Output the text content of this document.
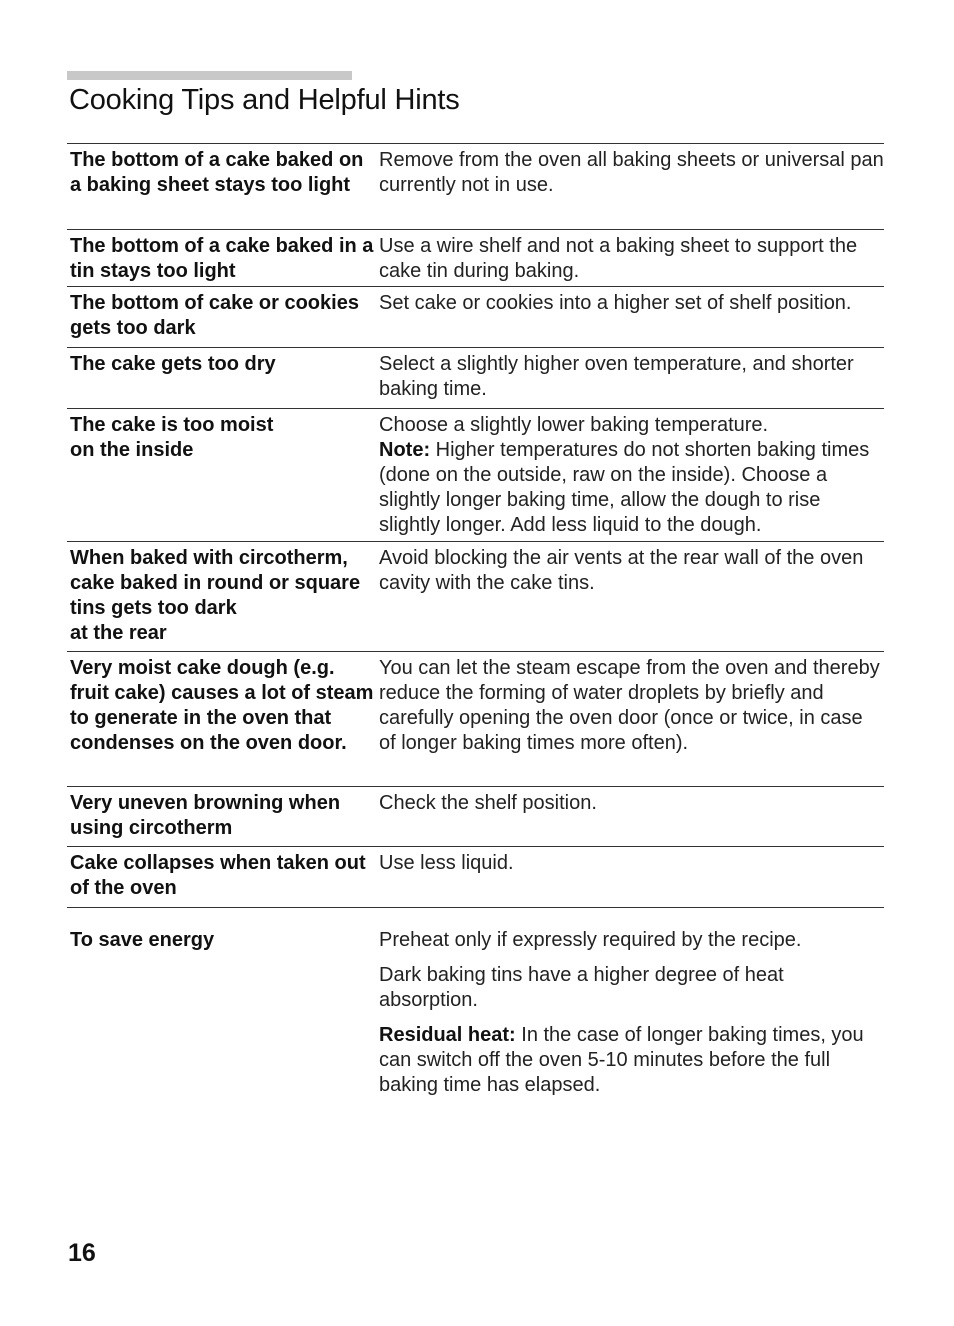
Cooking Tips and Helpful Hints
The bottom of a cake baked on a baking sheet stays too light

Remove from the oven all baking sheets or universal pan currently not in use.

The bottom of a cake baked in a tin stays too light

Use a wire shelf and not a baking sheet to support the cake tin during baking.

The bottom of cake or cookies gets too dark

Set cake or cookies into a higher set of shelf position.

The cake gets too dry	Select a slightly higher oven temperature, and shorter baking time.

The cake is too moist
on the inside

Choose a slightly lower baking temperature.

Note: Higher temperatures do not shorten baking times (done on the outside, raw on the inside). Choose a slightly longer baking time, allow the dough to rise slightly longer. Add less liquid to the dough.

When baked with circotherm, cake baked in round or square tins gets too dark
at the rear

Avoid blocking the air vents at the rear wall of the oven cavity with the cake tins.

Very moist cake dough (e.g. fruit cake) causes a lot of steam to generate in the oven that condenses on the oven door.

You can let the steam escape from the oven and thereby reduce the forming of water droplets by briefly and carefully opening the oven door (once or twice, in case of longer baking times more often).

Very uneven browning when using circotherm

Check the shelf position.

Cake collapses when taken out of the oven

Use less liquid.

To save energy	Preheat only if expressly required by the recipe.

Dark baking tins have a higher degree of heat absorption.

Residual heat: In the case of longer baking times, you can switch off the oven 5-10 minutes before the full baking time has elapsed.

16
